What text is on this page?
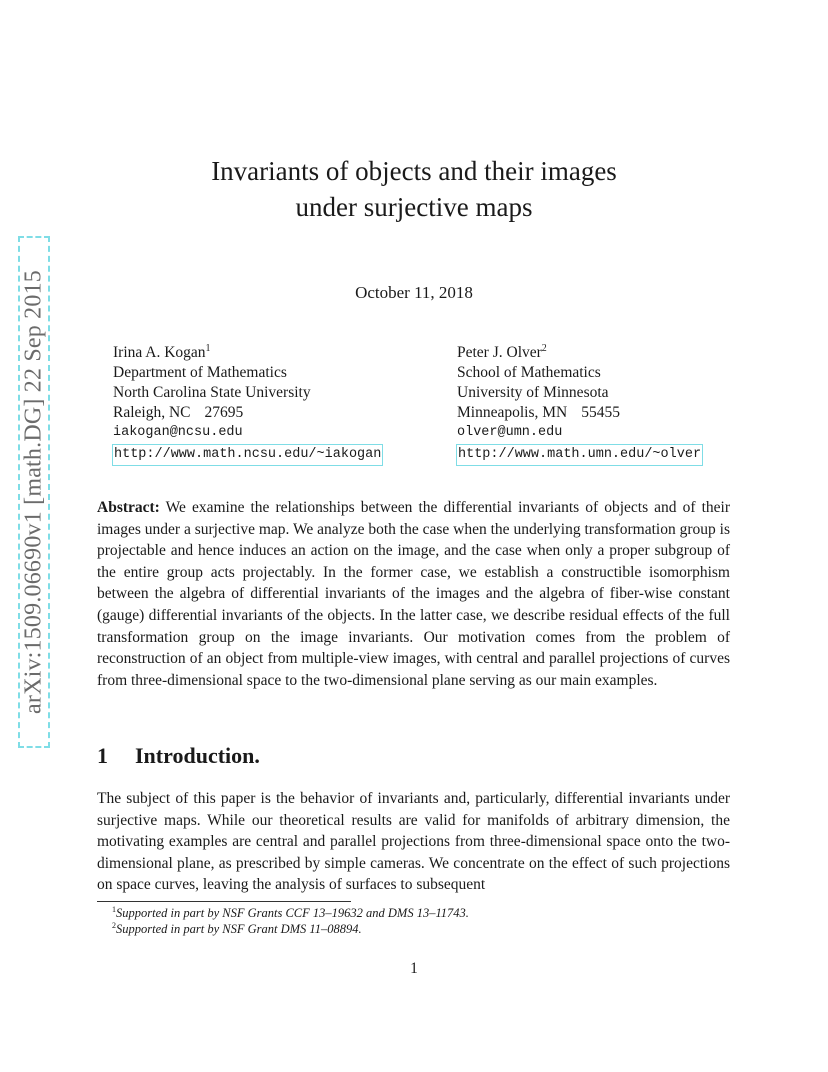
arXiv:1509.06690v1 [math.DG] 22 Sep 2015
Invariants of objects and their images
under surjective maps
October 11, 2018
Irina A. Kogan$^1$
Department of Mathematics
North Carolina State University
Raleigh, NC 27695
iakogan@ncsu.edu
http://www.math.ncsu.edu/~iakogan
Peter J. Olver$^2$
School of Mathematics
University of Minnesota
Minneapolis, MN 55455
olver@umn.edu
http://www.math.umn.edu/~olver
Abstract: We examine the relationships between the differential invariants of objects and of their images under a surjective map. We analyze both the case when the underlying transformation group is projectable and hence induces an action on the image, and the case when only a proper subgroup of the entire group acts projectably. In the former case, we establish a constructible isomorphism between the algebra of differential invariants of the images and the algebra of fiber-wise constant (gauge) differential invariants of the objects. In the latter case, we describe residual effects of the full transformation group on the image invariants. Our motivation comes from the problem of reconstruction of an object from multiple-view images, with central and parallel projections of curves from three-dimensional space to the two-dimensional plane serving as our main examples.
1 Introduction.
The subject of this paper is the behavior of invariants and, particularly, differential invariants under surjective maps. While our theoretical results are valid for manifolds of arbitrary dimension, the motivating examples are central and parallel projections from three-dimensional space onto the two-dimensional plane, as prescribed by simple cameras. We concentrate on the effect of such projections on space curves, leaving the analysis of surfaces to subsequent
$^1$Supported in part by NSF Grants CCF 13–19632 and DMS 13–11743.
$^2$Supported in part by NSF Grant DMS 11–08894.
1
